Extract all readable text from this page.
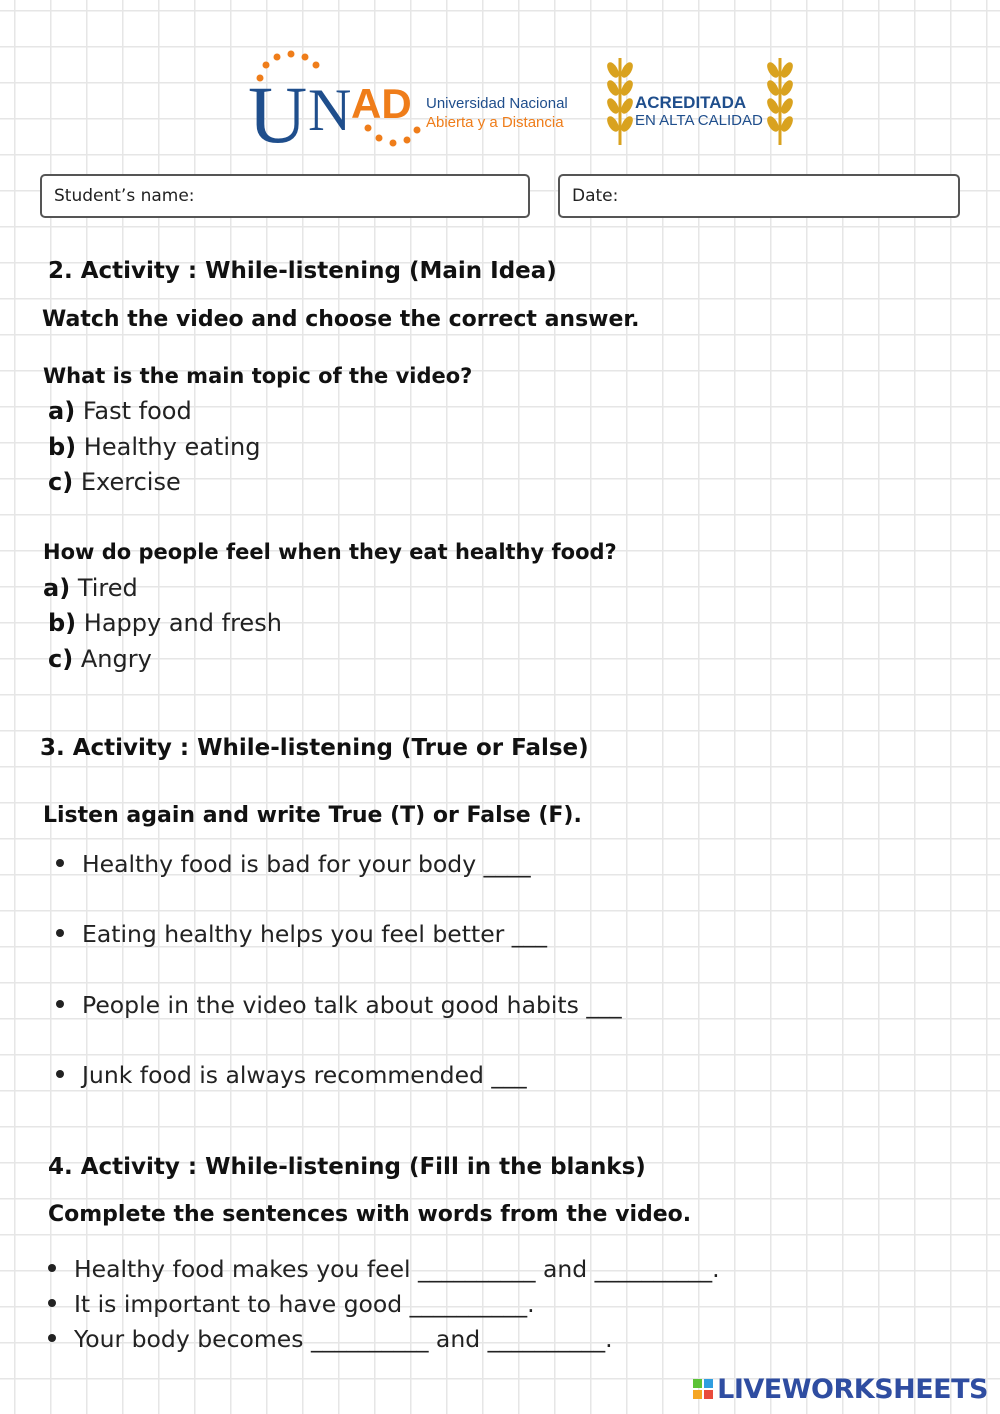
U N AD Universidad Nacional
Abierta y a Distancia
ACREDITADA
EN ALTA CALIDAD
Student’s name:	Date:
2. Activity : While-listening (Main Idea)
Watch the video and choose the correct answer.
What is the main topic of the video?
a) Fast food
b) Healthy eating
c) Exercise
How do people feel when they eat healthy food?
a) Tired
b) Happy and fresh
c) Angry
3. Activity : While-listening (True or False)
Listen again and write True (T) or False (F).
Healthy food is bad for your body ____
Eating healthy helps you feel better ___
People in the video talk about good habits ___
Junk food is always recommended ___
4. Activity : While-listening (Fill in the blanks)
Complete the sentences with words from the video.
Healthy food makes you feel __________ and __________.
It is important to have good __________.
Your body becomes __________ and __________.
LIVEWORKSHEETS
